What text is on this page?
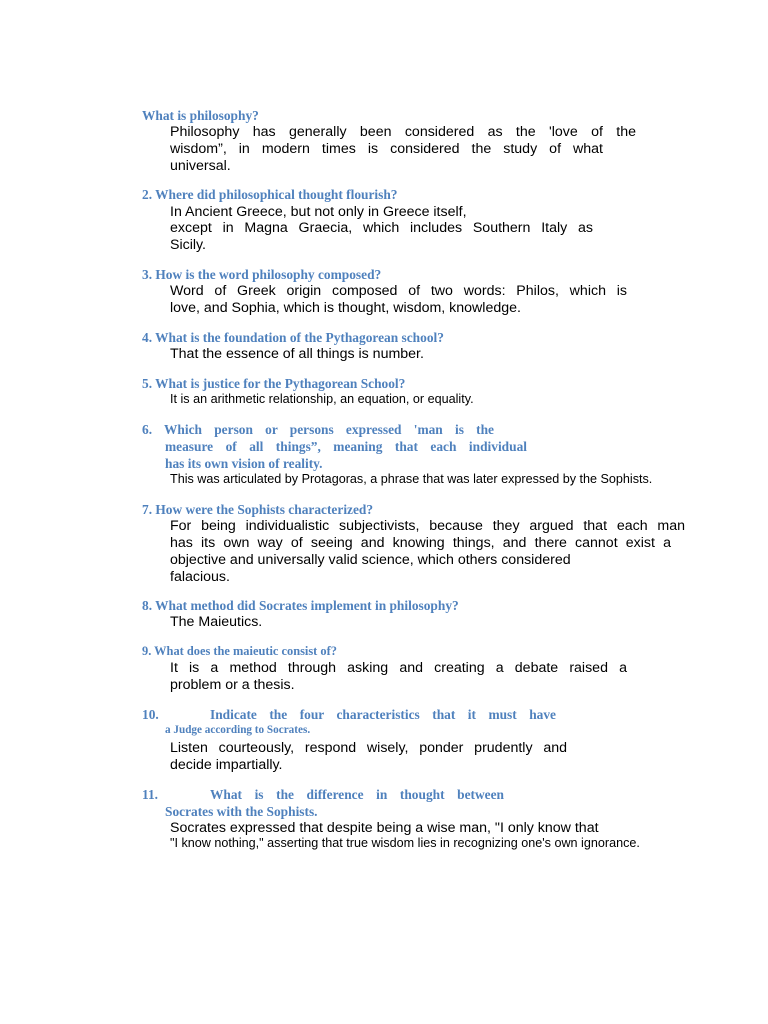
What is philosophy?
Philosophy has generally been considered as the 'love of the
wisdom”, in modern times is considered the study of what
universal.
2. Where did philosophical thought flourish?
In Ancient Greece, but not only in Greece itself,
except in Magna Graecia, which includes Southern Italy as
Sicily.
3. How is the word philosophy composed?
Word of Greek origin composed of two words: Philos, which is
love, and Sophia, which is thought, wisdom, knowledge.
4. What is the foundation of the Pythagorean school?
That the essence of all things is number.
5. What is justice for the Pythagorean School?
It is an arithmetic relationship, an equation, or equality.
6. Which person or persons expressed 'man is the
measure of all things”, meaning that each individual
has its own vision of reality.
This was articulated by Protagoras, a phrase that was later expressed by the Sophists.
7. How were the Sophists characterized?
For being individualistic subjectivists, because they argued that each man
has its own way of seeing and knowing things, and there cannot exist a
objective and universally valid science, which others considered
falacious.
8. What method did Socrates implement in philosophy?
The Maieutics.
9. What does the maieutic consist of?
It is a method through asking and creating a debate raised a
problem or a thesis.
10.	Indicate the four characteristics that it must have
a Judge according to Socrates.
Listen courteously, respond wisely, ponder prudently and
decide impartially.
11.	What is the difference in thought between
Socrates with the Sophists.
Socrates expressed that despite being a wise man, "I only know that
"I know nothing," asserting that true wisdom lies in recognizing one's own ignorance.
